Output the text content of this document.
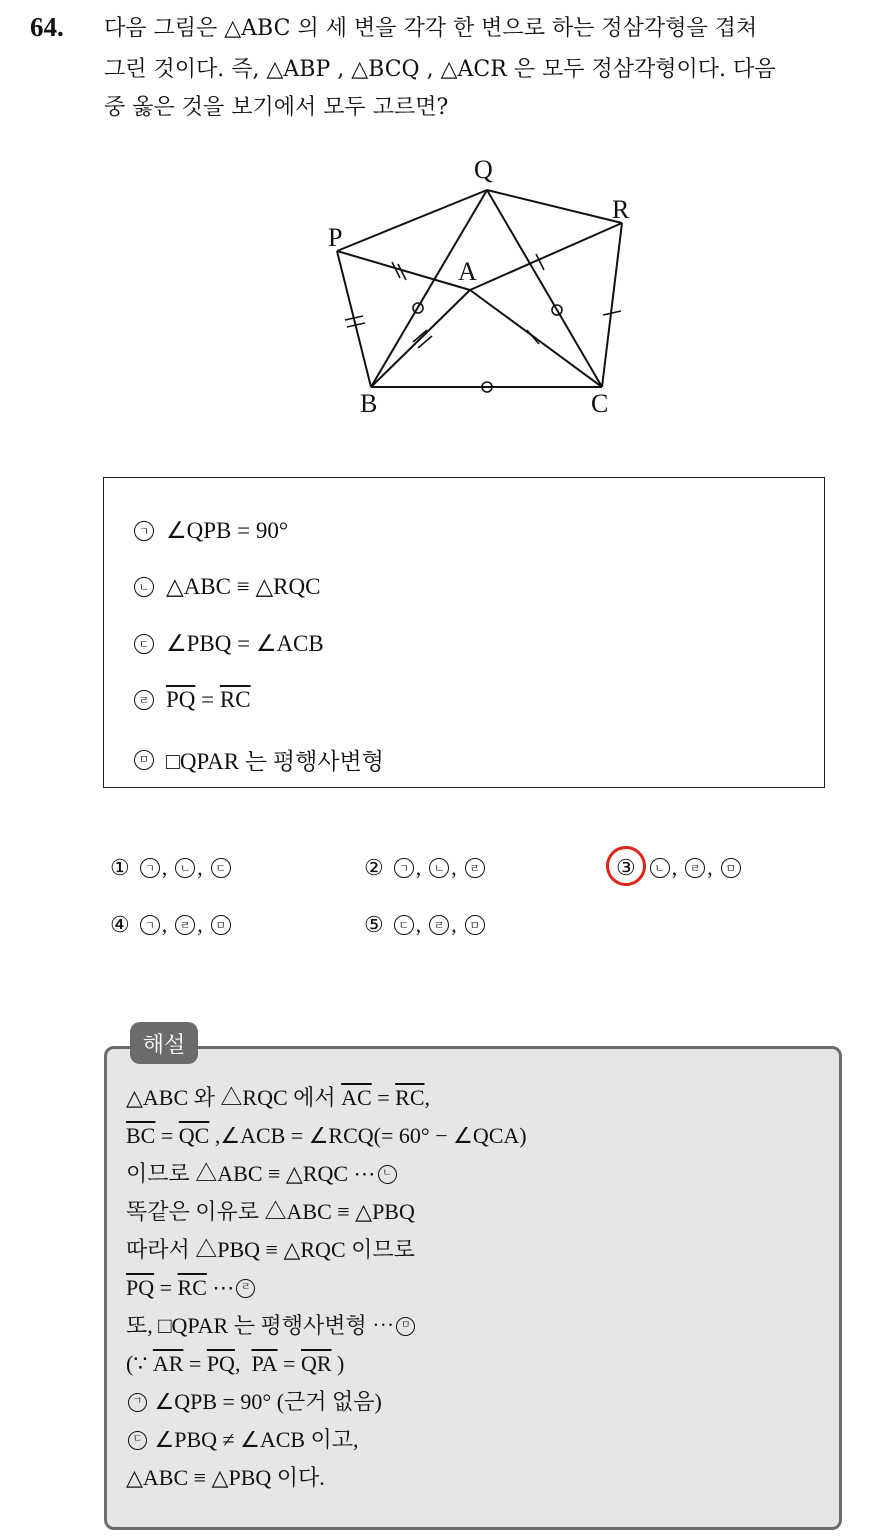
64. 다음 그림은 △ABC 의 세 변을 각각 한 변으로 하는 정삼각형을 겹쳐
그린 것이다. 즉, △ABP , △BCQ , △ACR 은 모두 정삼각형이다. 다음
중 옳은 것을 보기에서 모두 고르면?
Q
R
P
A
B	C
ㄱ ∠QPB = 90°
ㄴ △ABC ≡ △RQC
ㄷ ∠PBQ = ∠ACB
ㄹ $\overline{PQ} = \overline{RC}$
ㅁ □QPAR 는 평행사변형
①	ㄱ ,	ㄴ ,	ㄷ	②	ㄱ ,	ㄴ ,	ㄹ	③	ㄴ ,	ㄹ ,	ㅁ
④	ㄱ ,	ㄹ ,	ㅁ	⑤	ㄷ ,	ㄹ ,	ㅁ
해설
△ABC 와 △RQC 에서 $\overline{AC} = \overline{RC}$ ,
$\overline{BC} = \overline{QC}$ ,∠ACB = ∠RCQ(= 60° − ∠QCA)
이므로 △ABC ≡ △RQC ⋯ ㄴ
똑같은 이유로 △ABC ≡ △PBQ
따라서 △PBQ ≡ △RQC 이므로
$\overline{PQ} = \overline{RC}$ ⋯ ㄹ
또, □QPAR 는 평행사변형 ⋯ ㅁ
(∵ $\overline{AR} = \overline{PQ}$ , $\overline{PA} = \overline{QR}$ )
ㄱ ∠QPB = 90° (근거 없음)
ㄷ ∠PBQ ≠ ∠ACB 이고,
△ABC ≡ △PBQ 이다.
